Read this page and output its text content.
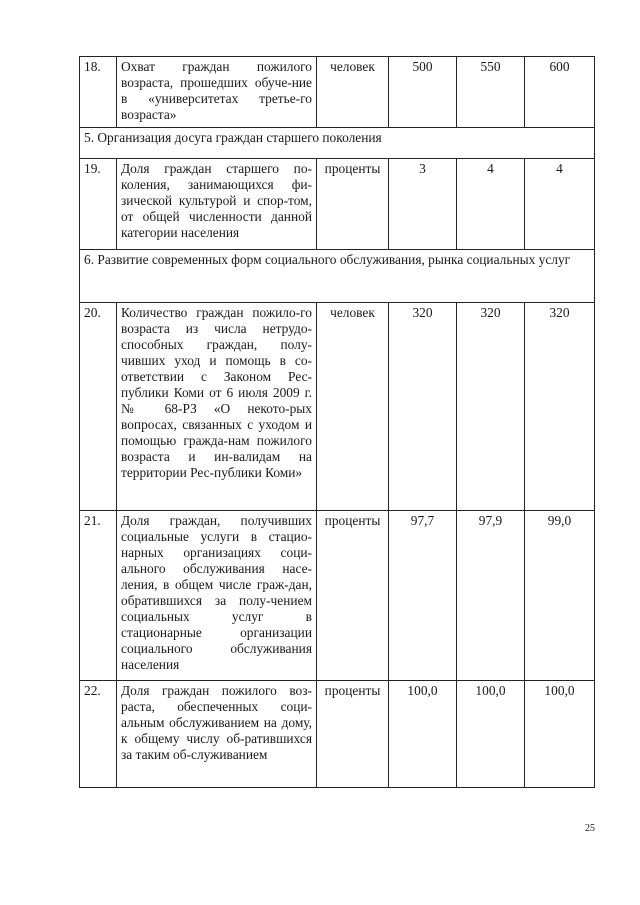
18.	Охват граждан пожилого возраста, прошедших обуче-ние в «университетах третье-го возраста»	человек	500	550	600
5. Организация досуга граждан старшего поколения					
19.	Доля граждан старшего по-коления, занимающихся фи-зической культурой и спор-том, от общей численности данной категории населения	проценты	3	4	4
6. Развитие современных форм социального обслуживания, рынка социальных услуг					
20.	Количество граждан пожило-го возраста из числа нетрудо-способных граждан, полу-чивших уход и помощь в со-ответствии с Законом Рес-публики Коми от 6 июля 2009 г. № 68-РЗ «О некото-рых вопросах, связанных с уходом и помощью гражда-нам пожилого возраста и ин-валидам на территории Рес-публики Коми»	человек	320	320	320
21.	Доля граждан, получивших социальные услуги в стацио-нарных организациях соци-ального обслуживания насе-ления, в общем числе граж-дан, обратившихся за полу-чением социальных услуг в стационарные организации социального обслуживания населения	проценты	97,7	97,9	99,0
22.	Доля граждан пожилого воз-раста, обеспеченных соци-альным обслуживанием на дому, к общему числу об-ратившихся за таким об-служиванием	проценты	100,0	100,0	100,0
25
